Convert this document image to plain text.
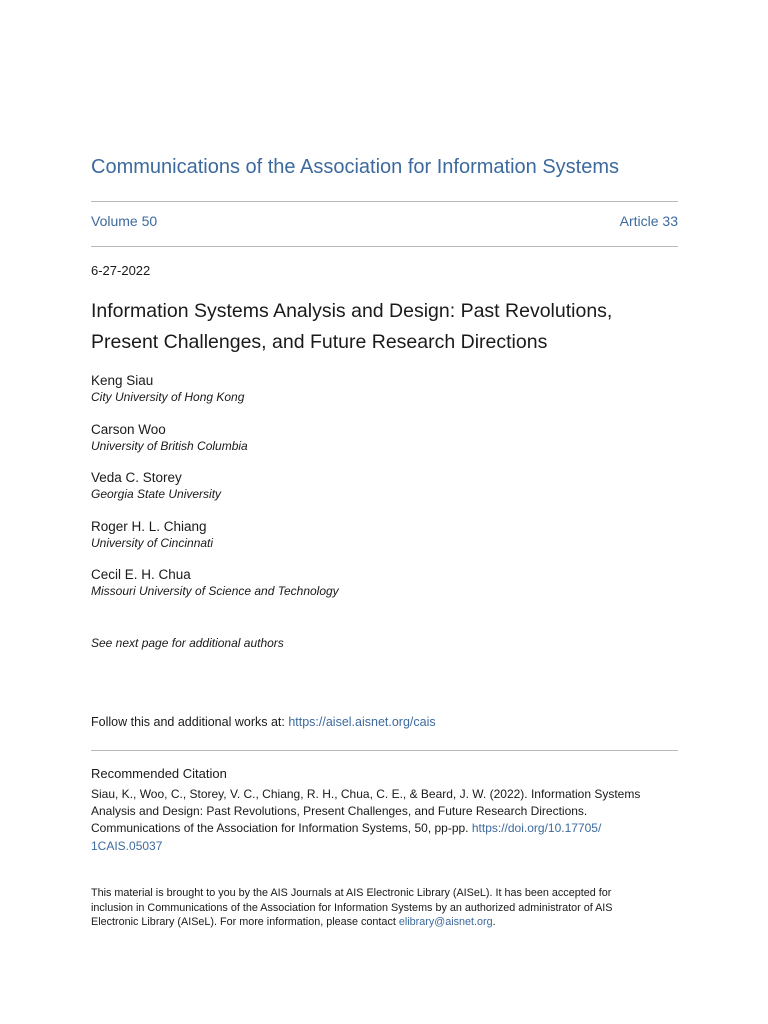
Communications of the Association for Information Systems
Volume 50	Article 33
6-27-2022
Information Systems Analysis and Design: Past Revolutions,
Present Challenges, and Future Research Directions
Keng Siau
City University of Hong Kong
Carson Woo
University of British Columbia
Veda C. Storey
Georgia State University
Roger H. L. Chiang
University of Cincinnati
Cecil E. H. Chua
Missouri University of Science and Technology
See next page for additional authors
Follow this and additional works at: https://aisel.aisnet.org/cais
Recommended Citation
Siau, K., Woo, C., Storey, V. C., Chiang, R. H., Chua, C. E., & Beard, J. W. (2022). Information Systems
Analysis and Design: Past Revolutions, Present Challenges, and Future Research Directions.
Communications of the Association for Information Systems, 50, pp-pp. https://doi.org/10.17705/
1CAIS.05037
This material is brought to you by the AIS Journals at AIS Electronic Library (AISeL). It has been accepted for
inclusion in Communications of the Association for Information Systems by an authorized administrator of AIS
Electronic Library (AISeL). For more information, please contact elibrary@aisnet.org.
